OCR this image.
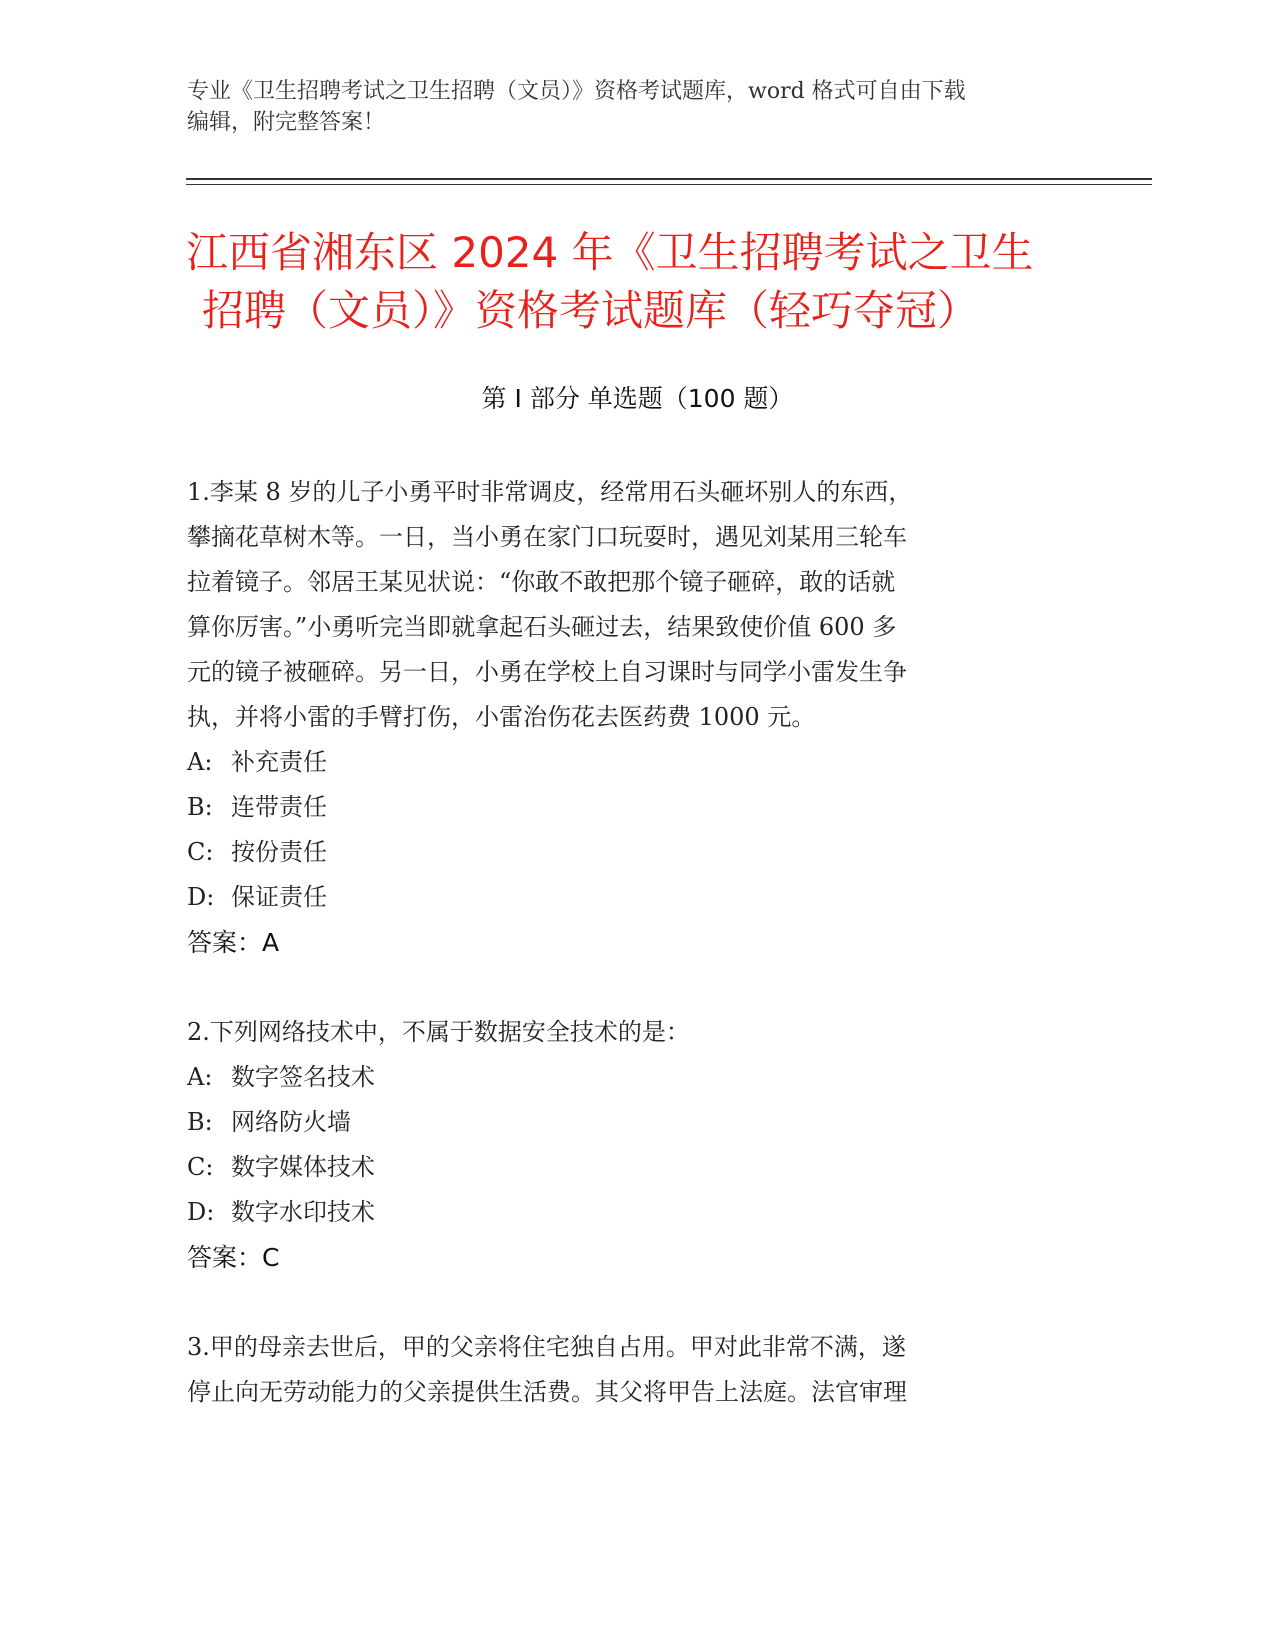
专业《卫生招聘考试之卫生招聘（文员）》资格考试题库，word 格式可自由下载
编辑，附完整答案！
江西省湘东区 2024 年《卫生招聘考试之卫生
招聘（文员）》资格考试题库（轻巧夺冠）
第 I 部分 单选题（100 题）

1.李某 8 岁的儿子小勇平时非常调皮，经常用石头砸坏别人的东西，

攀摘花草树木等。一日，当小勇在家门口玩耍时，遇见刘某用三轮车

拉着镜子。邻居王某见状说：“你敢不敢把那个镜子砸碎，敢的话就

算你厉害。”小勇听完当即就拿起石头砸过去，结果致使价值 600 多

元的镜子被砸碎。另一日，小勇在学校上自习课时与同学小雷发生争

执，并将小雷的手臂打伤，小雷治伤花去医药费 1000 元。

A: 补充责任

B: 连带责任

C: 按份责任

D: 保证责任

答案：A

2.下列网络技术中，不属于数据安全技术的是：

A: 数字签名技术

B: 网络防火墙

C: 数字媒体技术

D: 数字水印技术

答案：C

3.甲的母亲去世后，甲的父亲将住宅独自占用。甲对此非常不满，遂

停止向无劳动能力的父亲提供生活费。其父将甲告上法庭。法官审理
